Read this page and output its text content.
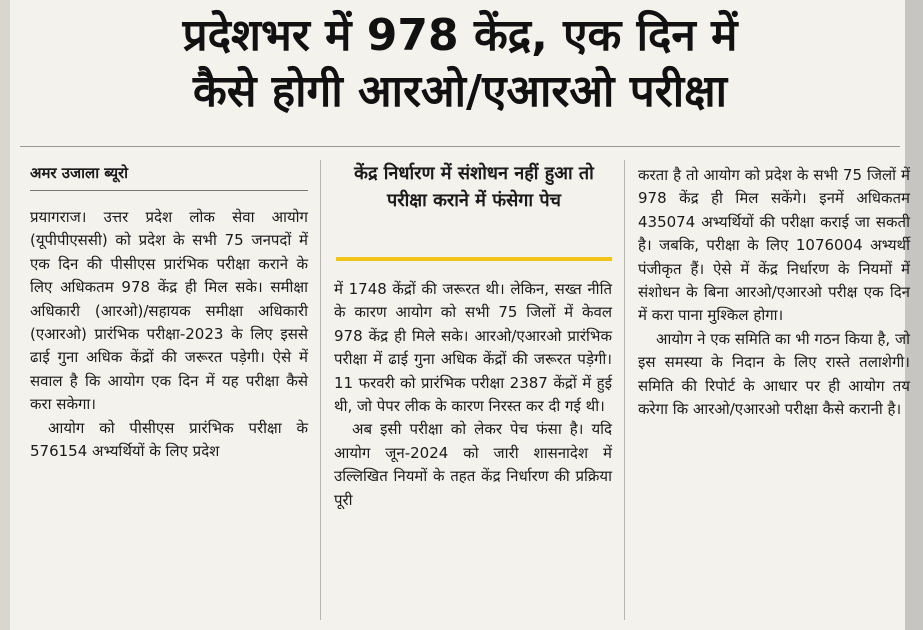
प्रदेशभर में 978 केंद्र, एक दिन में
कैसे होगी आरओ/एआरओ परीक्षा
अमर उजाला ब्यूरो	केंद्र निर्धारण में संशोधन नहीं हुआ तो परीक्षा कराने में फंसेगा पेच

प्रयागराज। उत्तर प्रदेश लोक सेवा आयोग (यूपीपीएससी) को प्रदेश के सभी 75 जनपदों में एक दिन की पीसीएस प्रारंभिक परीक्षा कराने के लिए अधिकतम 978 केंद्र ही मिल सके। समीक्षा अधिकारी (आरओ)/सहायक समीक्षा अधिकारी (एआरओ) प्रारंभिक परीक्षा-2023 के लिए इससे ढाई गुना अधिक केंद्रों की जरूरत पड़ेगी। ऐसे में सवाल है कि आयोग एक दिन में यह परीक्षा कैसे करा सकेगा।

आयोग को पीसीएस प्रारंभिक परीक्षा के 576154 अभ्यर्थियों के लिए प्रदेश

में 1748 केंद्रों की जरूरत थी। लेकिन, सख्त नीति के कारण आयोग को सभी 75 जिलों में केवल 978 केंद्र ही मिले सके। आरओ/एआरओ प्रारंभिक परीक्षा में ढाई गुना अधिक केंद्रों की जरूरत पड़ेगी। 11 फरवरी को प्रारंभिक परीक्षा 2387 केंद्रों में हुई थी, जो पेपर लीक के कारण निरस्त कर दी गई थी।

अब इसी परीक्षा को लेकर पेच फंसा है। यदि आयोग जून-2024 को जारी शासनादेश में उल्लिखित नियमों के तहत केंद्र निर्धारण की प्रक्रिया पूरी

करता है तो आयोग को प्रदेश के सभी 75 जिलों में 978 केंद्र ही मिल सकेंगे। इनमें अधिकतम 435074 अभ्यर्थियों की परीक्षा कराई जा सकती है। जबकि, परीक्षा के लिए 1076004 अभ्यर्थी पंजीकृत हैं। ऐसे में केंद्र निर्धारण के नियमों में संशोधन के बिना आरओ/एआरओ परीक्ष एक दिन में करा पाना मुश्किल होगा।

आयोग ने एक समिति का भी गठन किया है, जो इस समस्या के निदान के लिए रास्ते तलाशेगी। समिति की रिपोर्ट के आधार पर ही आयोग तय करेगा कि आरओ/एआरओ परीक्षा कैसे करानी है।
